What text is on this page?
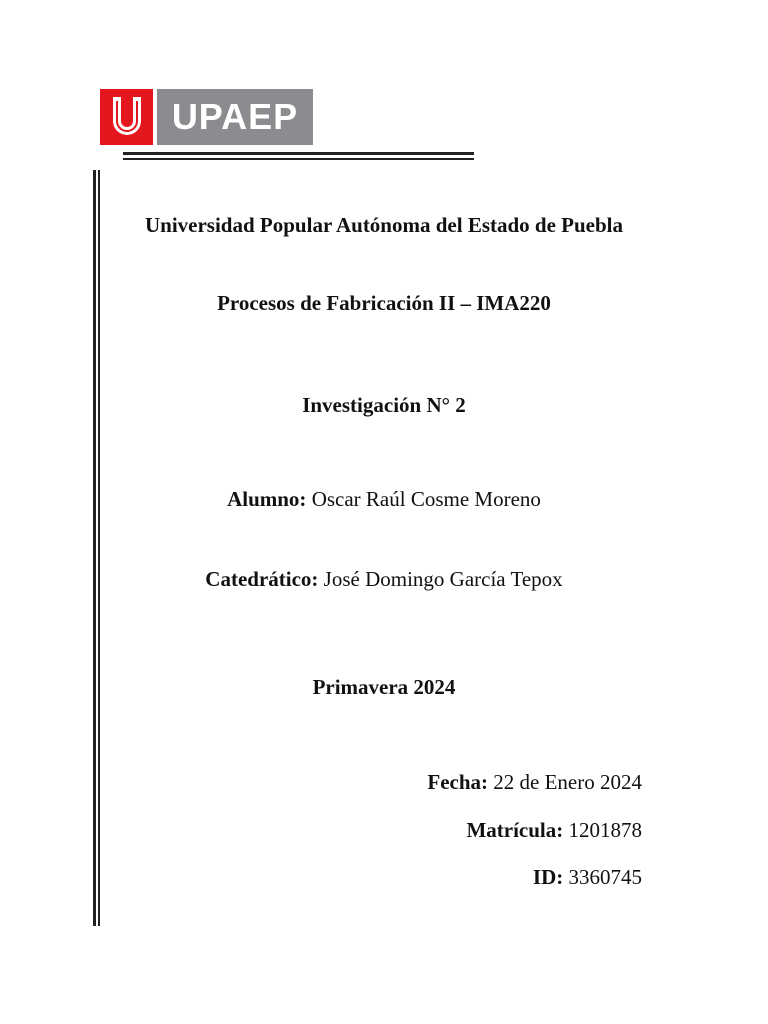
UPAEP
Universidad Popular Autónoma del Estado de Puebla
Procesos de Fabricación II – IMA220
Investigación N° 2
Alumno: Oscar Raúl Cosme Moreno
Catedrático: José Domingo García Tepox
Primavera 2024
Fecha: 22 de Enero 2024
Matrícula: 1201878
ID: 3360745
